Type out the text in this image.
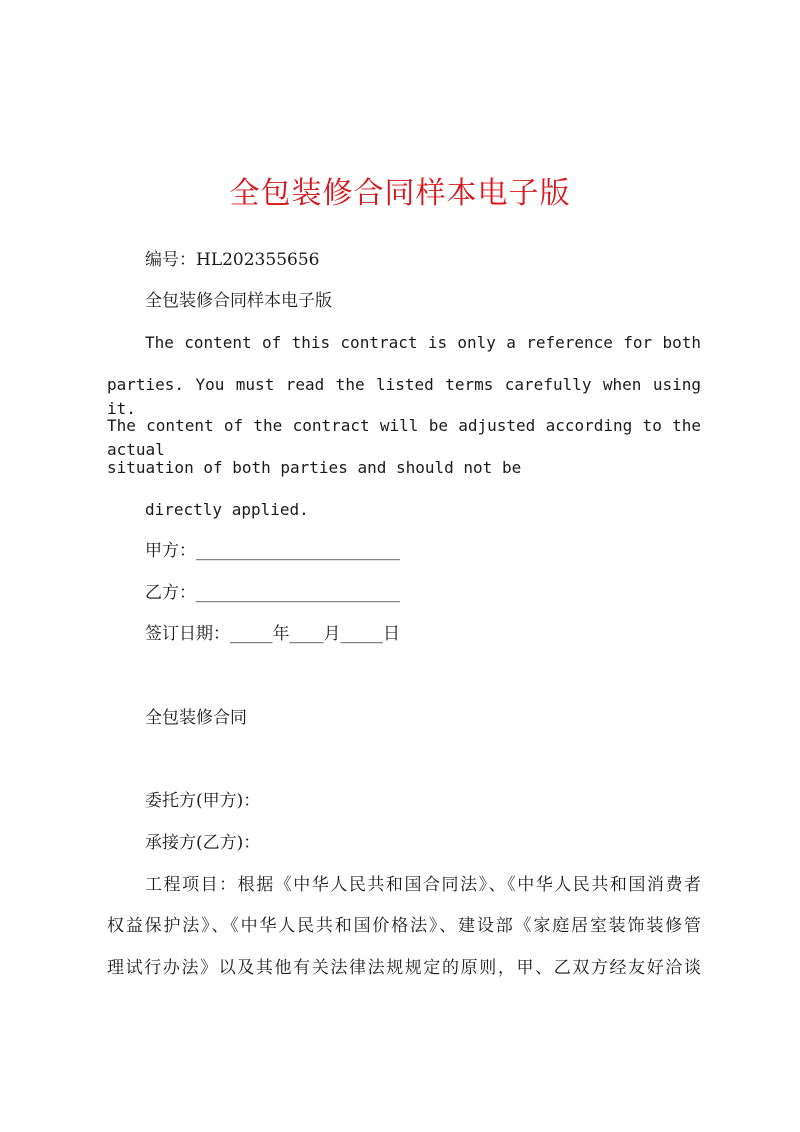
全包装修合同样本电子版
编号：HL202355656
全包装修合同样本电子版
The content of this contract is only a reference for both
parties. You must read the listed terms carefully when using it.
The content of the contract will be adjusted according to the actual
situation of both parties and should not be
directly applied.
甲方：________________________
乙方：________________________
签订日期：_____年____月_____日
全包装修合同
委托方(甲方)：
承接方(乙方)：
工程项目：根据《中华人民共和国合同法》、《中华人民共和国消费者
权益保护法》、《中华人民共和国价格法》、建设部《家庭居室装饰装修管
理试行办法》以及其他有关法律法规规定的原则，甲、乙双方经友好洽谈
